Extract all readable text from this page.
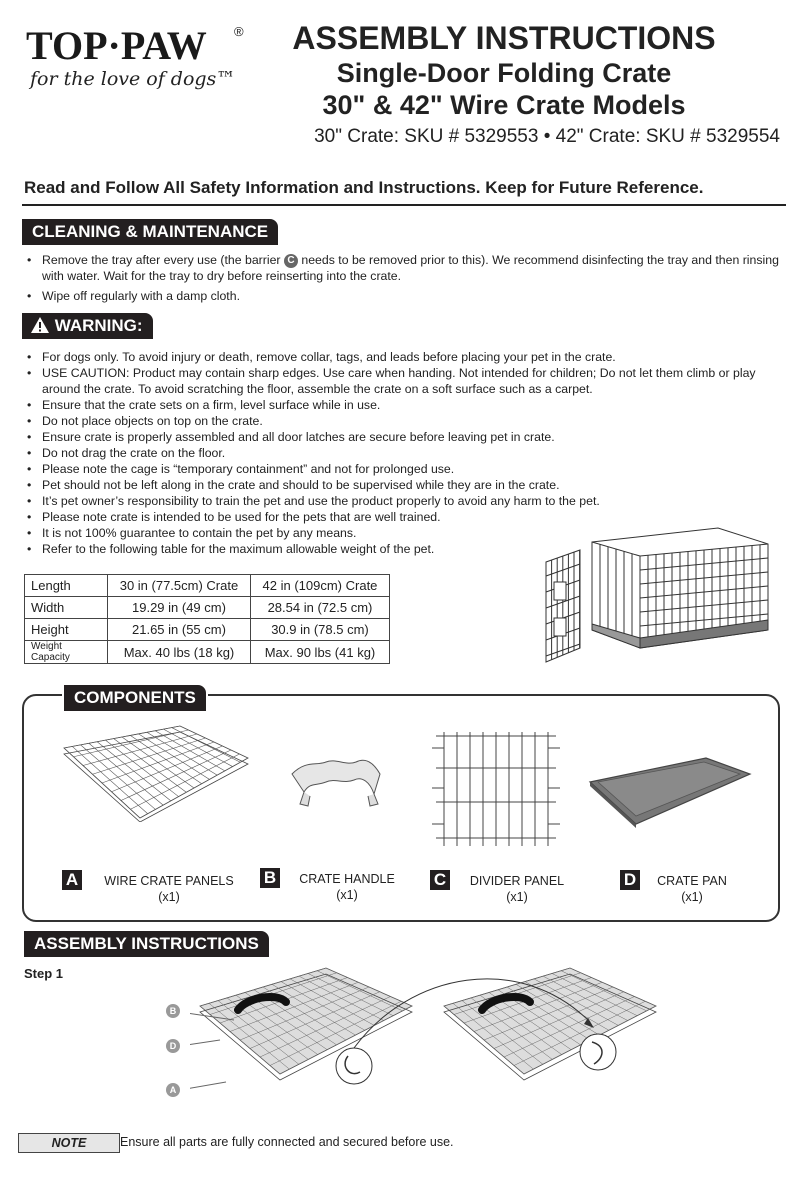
TOP·PAW ®
for the love of dogs™
ASSEMBLY INSTRUCTIONS
Single-Door Folding Crate
30" & 42" Wire Crate Models
30" Crate: SKU # 5329553 • 42" Crate: SKU # 5329554
Read and Follow All Safety Information and Instructions. Keep for Future Reference.
CLEANING & MAINTENANCE
• Remove the tray after every use (the barrier C needs to be removed prior to this). We recommend disinfecting the tray and then rinsing with water. Wait for the tray to dry before reinserting into the crate.
• Wipe off regularly with a damp cloth.
WARNING:
• For dogs only. To avoid injury or death, remove collar, tags, and leads before placing your pet in the crate.
• USE CAUTION: Product may contain sharp edges. Use care when handing. Not intended for children; Do not let them climb or play around the crate. To avoid scratching the floor, assemble the crate on a soft surface such as a carpet.
• Ensure that the crate sets on a firm, level surface while in use.
• Do not place objects on top on the crate.
• Ensure crate is properly assembled and all door latches are secure before leaving pet in crate.
• Do not drag the crate on the floor.
• Please note the cage is “temporary containment” and not for prolonged use.
• Pet should not be left along in the crate and should to be supervised while they are in the crate.
• It’s pet owner’s responsibility to train the pet and use the product properly to avoid any harm to the pet.
• Please note crate is intended to be used for the pets that are well trained.
• It is not 100% guarantee to contain the pet by any means.
• Refer to the following table for the maximum allowable weight of the pet.
Length	30 in (77.5cm) Crate	42 in (109cm) Crate
Width	19.29 in (49 cm)	28.54 in (72.5 cm)
Height	21.65 in (55 cm)	30.9 in (78.5 cm)
Weight Capacity	Max. 40 lbs (18 kg)	Max. 90 lbs (41 kg)
COMPONENTS
A	WIRE CRATE PANELS
(x1)
B	CRATE HANDLE
(x1)
C	DIVIDER PANEL
(x1)
D	CRATE PAN
(x1)
ASSEMBLY INSTRUCTIONS
Step 1
B
D
A
NOTE	Ensure all parts are fully connected and secured before use.
